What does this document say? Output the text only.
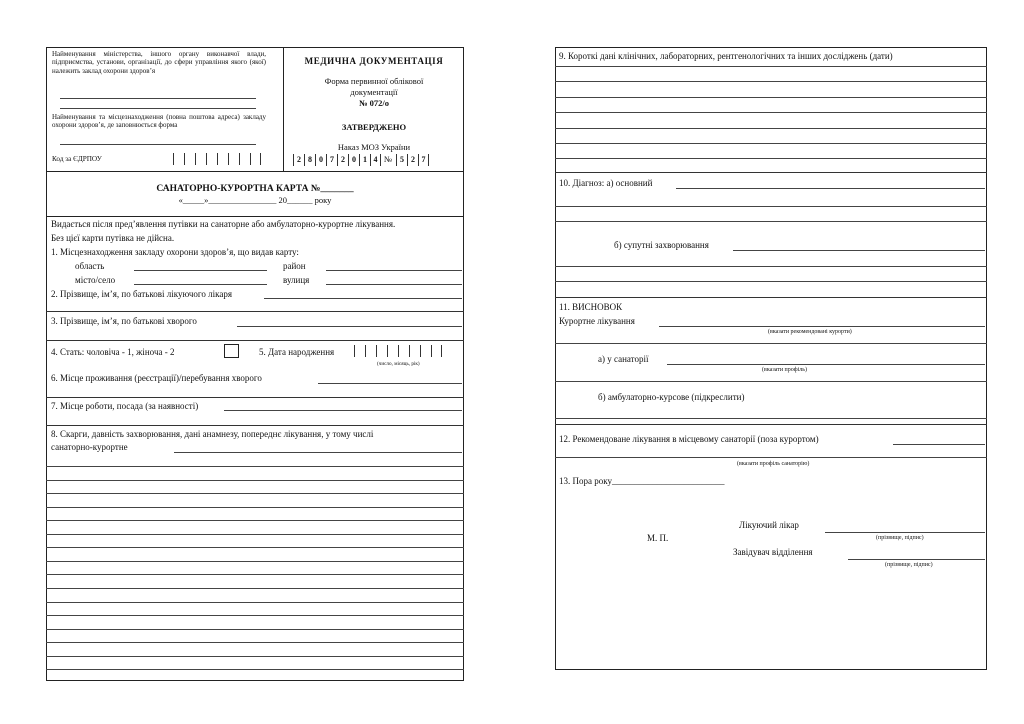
Найменування міністерства, іншого органу виконавчої влади, підприємства, установи, організації, до сфери управління якого (якої) належить заклад охорони здоров’я
Найменування та місцезнаходження (повна поштова адреса) закладу охорони здоров’я, де заповнюється форма
Код за ЄДРПОУ
МЕДИЧНА ДОКУМЕНТАЦІЯ
Форма первинної облікової
документації
№ 072/о
ЗАТВЕРДЖЕНО
Наказ МОЗ України
2 8 0 7 2 0 1 4 № 5 2 7
САНАТОРНО-КУРОРТНА КАРТА №_______
«_____»________________ 20______ року
Видається після пред’явлення путівки на санаторне або амбулаторно-курортне лікування.
Без цієї карти путівка не дійсна.
1. Місцезнаходження закладу охорони здоров’я, що видав карту:
область	район
місто/село	вулиця
2. Прізвище, ім’я, по батькові лікуючого лікаря
3. Прізвище, ім’я, по батькові хворого
4. Стать: чоловіча - 1, жіноча - 2	5. Дата народження
(число, місяць, рік)
6. Місце проживання (реєстрації)/перебування хворого
7. Місце роботи, посада (за наявності)
8. Скарги, давність захворювання, дані анамнезу, попереднє лікування, у тому числі
санаторно-курортне
9. Короткі дані клінічних, лабораторних, рентгенологічних та інших досліджень (дати)
10. Діагноз: а) основний
б) супутні захворювання
11. ВИСНОВОК
Курортне лікування
(вказати рекомендовані курорти)
а) у санаторії
(вказати профіль)
б) амбулаторно-курсове (підкреслити)
12. Рекомендоване лікування в місцевому санаторії (поза курортом)
(вказати профіль санаторію)
13. Пора року_________________________
Лікуючий лікар
М. П.	(прізвище, підпис)
Завідувач відділення
(прізвище, підпис)
